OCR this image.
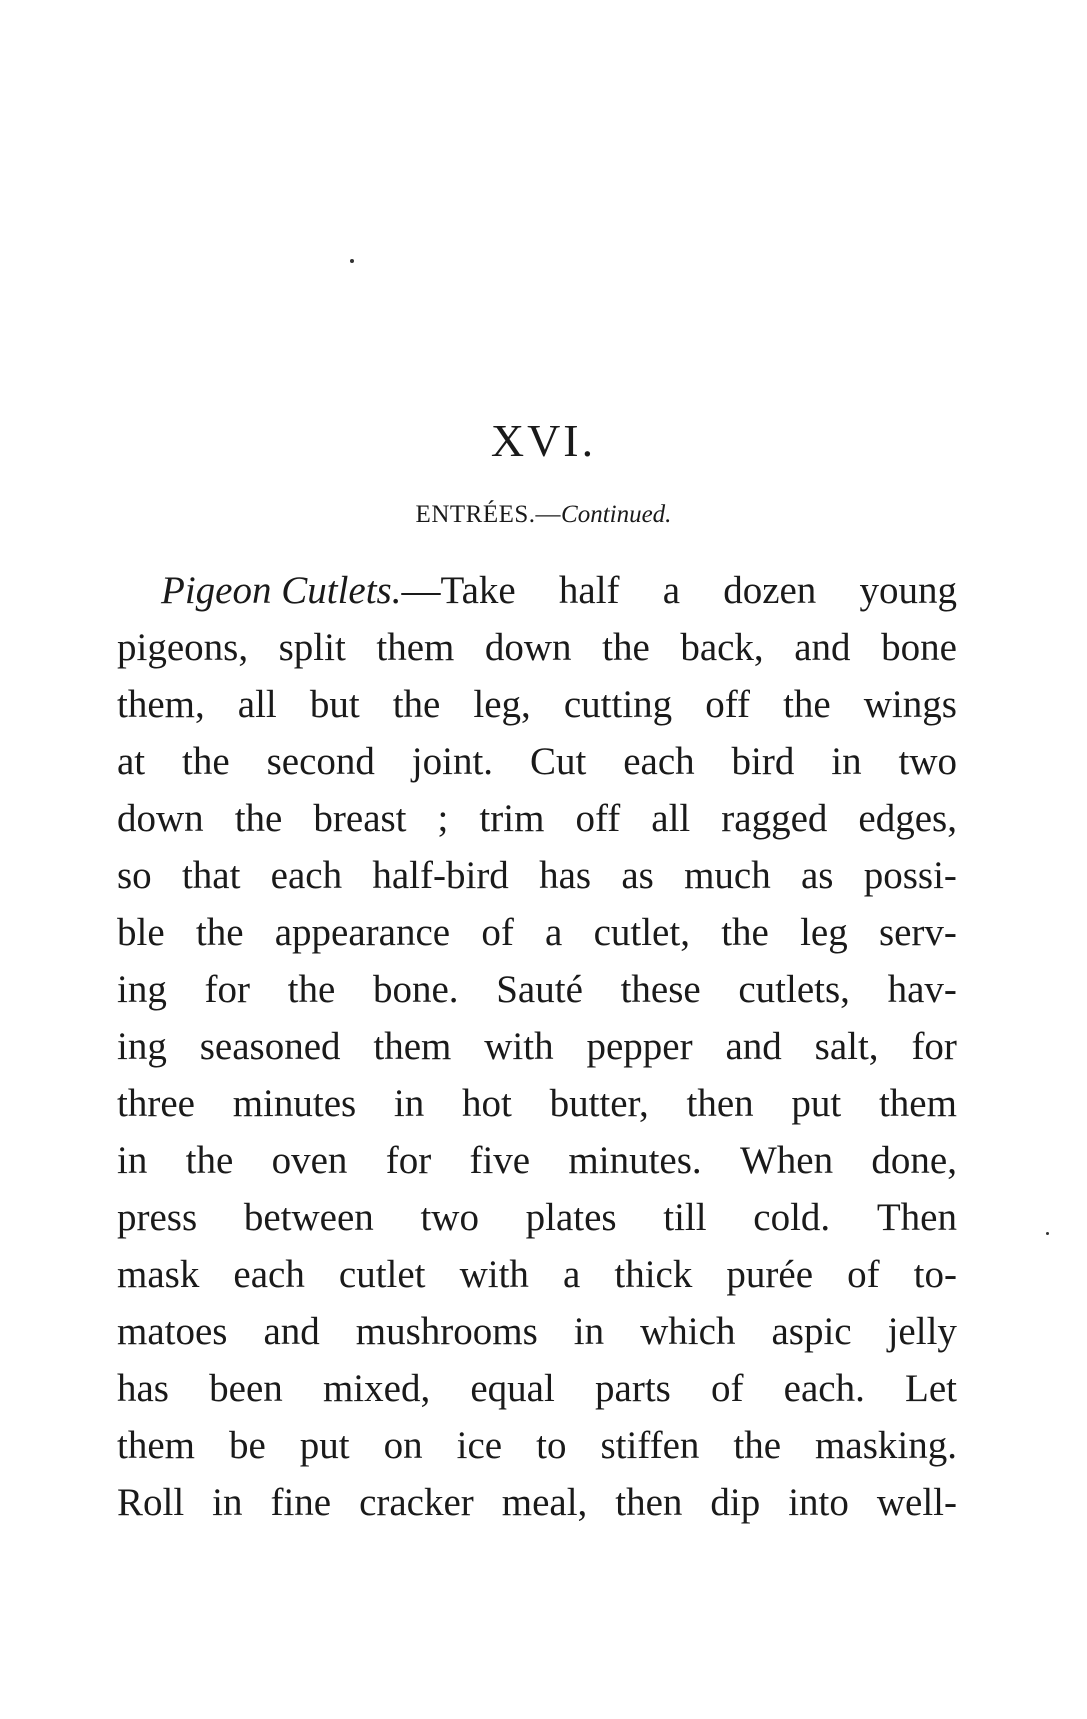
XVI.
ENTRÉES.—Continued.
Pigeon Cutlets.—Take half a dozen young
pigeons, split them down the back, and bone
them, all but the leg, cutting off the wings
at the second joint. Cut each bird in two
down the breast ; trim off all ragged edges,
so that each half-bird has as much as possi-
ble the appearance of a cutlet, the leg serv-
ing for the bone. Sauté these cutlets, hav-
ing seasoned them with pepper and salt, for
three minutes in hot butter, then put them
in the oven for five minutes. When done,
press between two plates till cold. Then
mask each cutlet with a thick purée of to-
matoes and mushrooms in which aspic jelly
has been mixed, equal parts of each. Let
them be put on ice to stiffen the masking.
Roll in fine cracker meal, then dip into well-
